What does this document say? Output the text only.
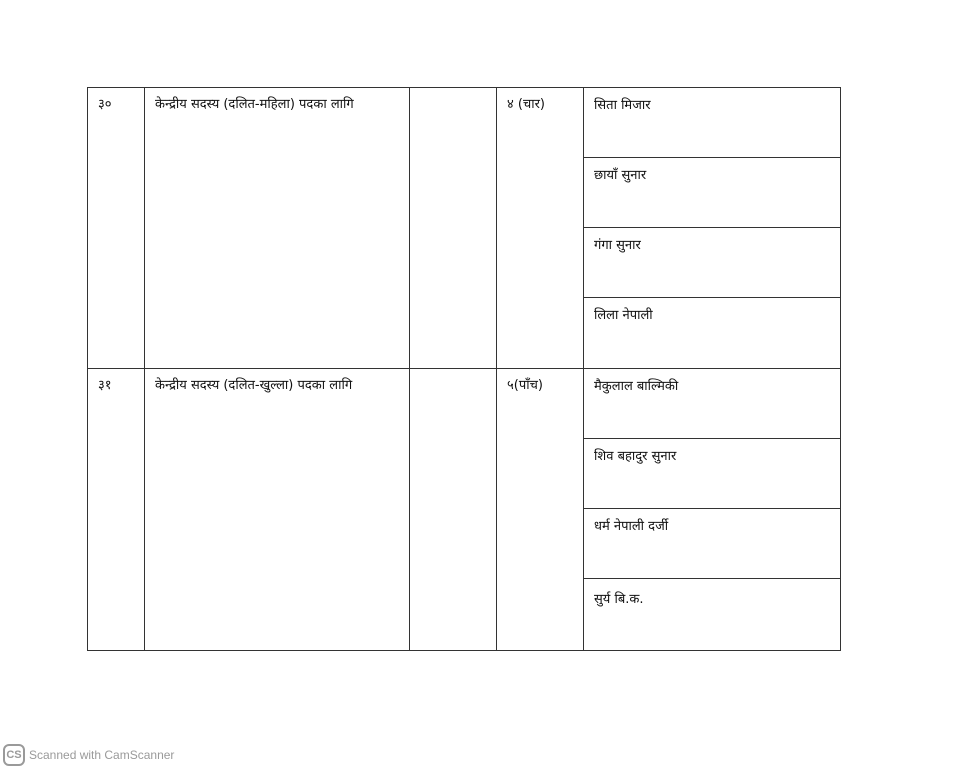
३०	केन्द्रीय सदस्य (दलित-महिला) पदका लागि		४ (चार)	सिता मिजार
छायाँ सुनार
गंगा सुनार
लिला नेपाली

३१	केन्द्रीय सदस्य (दलित-खुल्ला) पदका लागि		५(पाँच)	मैकुलाल बाल्मिकी
शिव बहादुर सुनार
धर्म नेपाली दर्जी
सुर्य बि.क.
CS Scanned with CamScanner
